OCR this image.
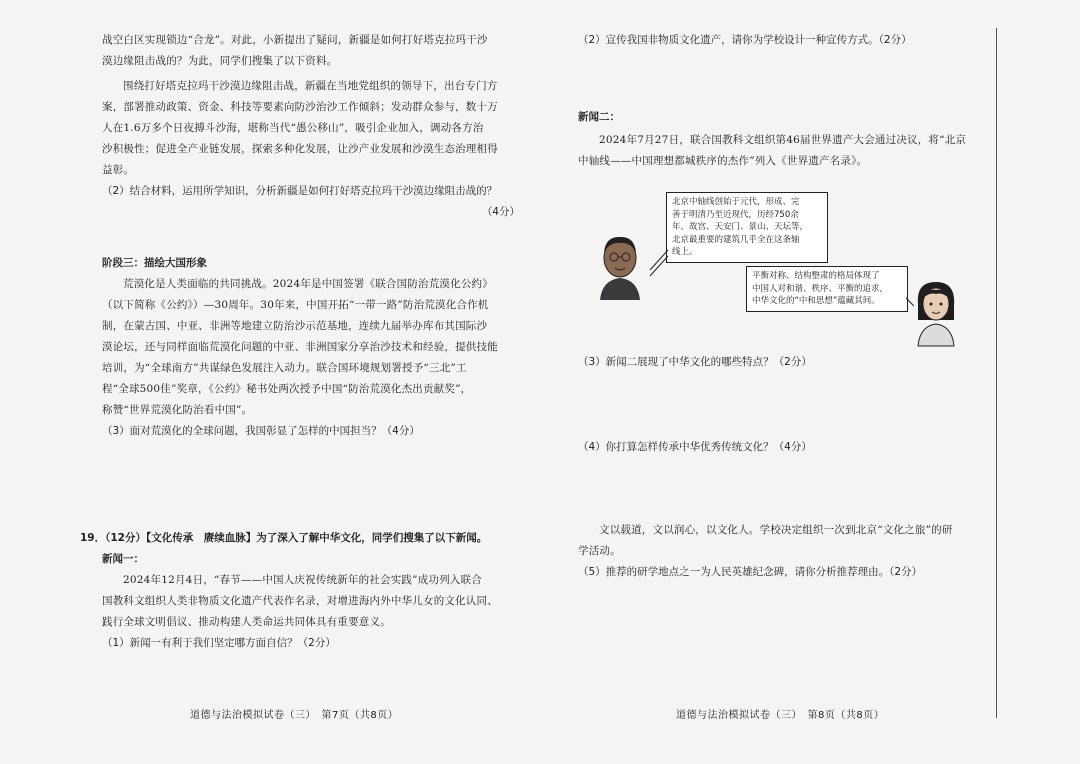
战空白区实现锁边“合龙”。对此，小新提出了疑问，新疆是如何打好塔克拉玛干沙

漠边缘阻击战的？为此，同学们搜集了以下资料。

围绕打好塔克拉玛干沙漠边缘阻击战，新疆在当地党组织的领导下，出台专门方

案，部署推动政策、资金、科技等要素向防沙治沙工作倾斜；发动群众参与，数十万

人在1.6万多个日夜搏斗沙海，堪称当代“愚公移山”，吸引企业加入，调动各方治

沙积极性；促进全产业链发展，探索多种化发展，让沙产业发展和沙漠生态治理相得

益彰。

（2）结合材料，运用所学知识，分析新疆是如何打好塔克拉玛干沙漠边缘阻击战的？

（4分）

阶段三：描绘大国形象

荒漠化是人类面临的共同挑战。2024年是中国签署《联合国防治荒漠化公约》

（以下简称《公约》）—30周年。30年来，中国开拓“一带一路”防治荒漠化合作机

制，在蒙古国、中亚、非洲等地建立防治沙示范基地，连续九届举办库布其国际沙

漠论坛，还与同样面临荒漠化问题的中亚、非洲国家分享治沙技术和经验，提供技能

培训，为“全球南方”共谋绿色发展注入动力。联合国环境规划署授予“三北”工

程“全球500佳”奖章，《公约》秘书处两次授予中国“防治荒漠化杰出贡献奖”，

称赞“世界荒漠化防治看中国”。

（3）面对荒漠化的全球问题，我国彰显了怎样的中国担当？（4分）

19．（12分）【文化传承　赓续血脉】为了深入了解中华文化，同学们搜集了以下新闻。

新闻一：

2024年12月4日，“春节——中国人庆祝传统新年的社会实践”成功列入联合

国教科文组织人类非物质文化遗产代表作名录，对增进海内外中华儿女的文化认同、

践行全球文明倡议、推动构建人类命运共同体具有重要意义。

（1）新闻一有利于我们坚定哪方面自信？（2分）

道德与法治模拟试卷（三）　第7页（共8页）

（2）宣传我国非物质文化遗产，请你为学校设计一种宣传方式。（2分）

新闻二：

2024年7月27日，联合国教科文组织第46届世界遗产大会通过决议，将“北京

中轴线——中国理想都城秩序的杰作”列入《世界遗产名录》。

北京中轴线创始于元代，形成、完
善于明清乃至近现代，历经750余
年。故宫、天安门、景山、天坛等，
北京最重要的建筑几乎全在这条轴
线上。
平衡对称、结构整肃的格局体现了
中国人对和谐、秩序、平衡的追求，
中华文化的“中和思想”蕴藏其间。

（3）新闻二展现了中华文化的哪些特点？（2分）

（4）你打算怎样传承中华优秀传统文化？（4分）

文以载道，文以润心，以文化人。学校决定组织一次到北京“文化之旅”的研

学活动。

（5）推荐的研学地点之一为人民英雄纪念碑，请你分析推荐理由。（2分）

道德与法治模拟试卷（三）　第8页（共8页）
